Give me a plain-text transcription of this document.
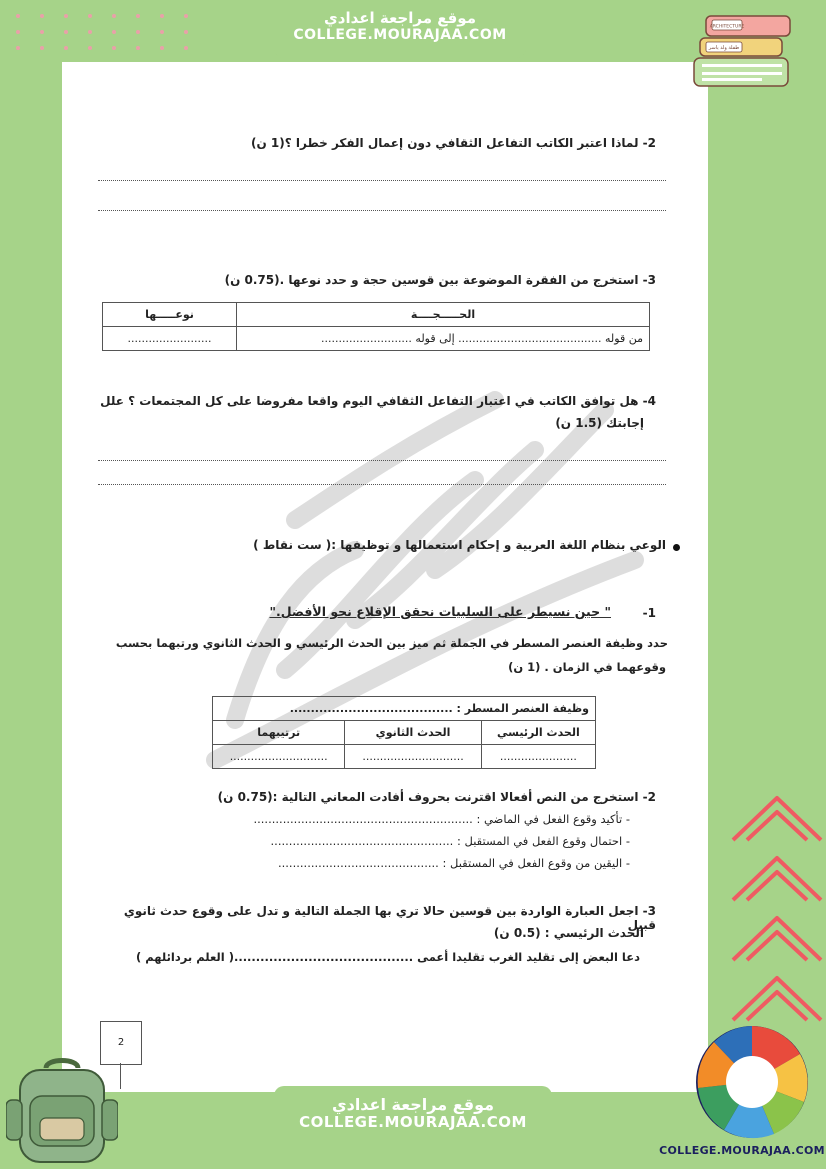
موقع مراجعة اعدادي
COLLEGE.MOURAJAA.COM
ARCHITECTURE
طفلة ولد ياسر
2- لماذا اعتبر الكاتب التفاعل الثقافي دون إعمال الفكر خطرا ؟(1 ن)
3- استخرج من الفقرة الموضوعة بين قوسين حجة و حدد نوعها .(0.75 ن)
الحـــــجــــة	نوعـــــها
من قوله ......................................... إلى قوله ..........................	........................
4- هل توافق الكاتب في اعتبار التفاعل الثقافي اليوم واقعا مفروضا على كل المجتمعات ؟ علل
إجابتك (1.5 ن)
الوعي بنظام اللغة العربية و إحكام استعمالها و توظيفها :( ست نقاط )
1-
" حين نسيطر على السلبيات نحقق الإقلاع نحو الأفضل."
حدد وظيفة العنصر المسطر في الجملة ثم ميز بين الحدث الرئيسي و الحدث الثانوي ورتبهما بحسب
وقوعهما في الزمان . (1 ن)
وظيفة العنصر المسطر : .......................................		
الحدث الرئيسي	الحدث الثانوي	ترتيبهما
......................	.............................	............................
2- استخرج من النص أفعالا اقترنت بحروف أفادت المعاني التالية :(0.75 ن)
- تأكيد وقوع الفعل في الماضي : ............................................................
- احتمال وقوع الفعل في المستقبل : ..................................................
- اليقين من وقوع الفعل في المستقبل : ............................................
3- اجعل العبارة الواردة بين قوسين حالا تري بها الجملة التالية و تدل على وقوع حدث ثانوي قبيل
الحدث الرئيسي : (0.5 ن)
دعا البعض إلى تقليد الغرب تقليدا أعمى .........................................( العلم بردائلهم )
2
موقع مراجعة اعدادي
COLLEGE.MOURAJAA.COM
COLLEGE.MOURAJAA.COM
